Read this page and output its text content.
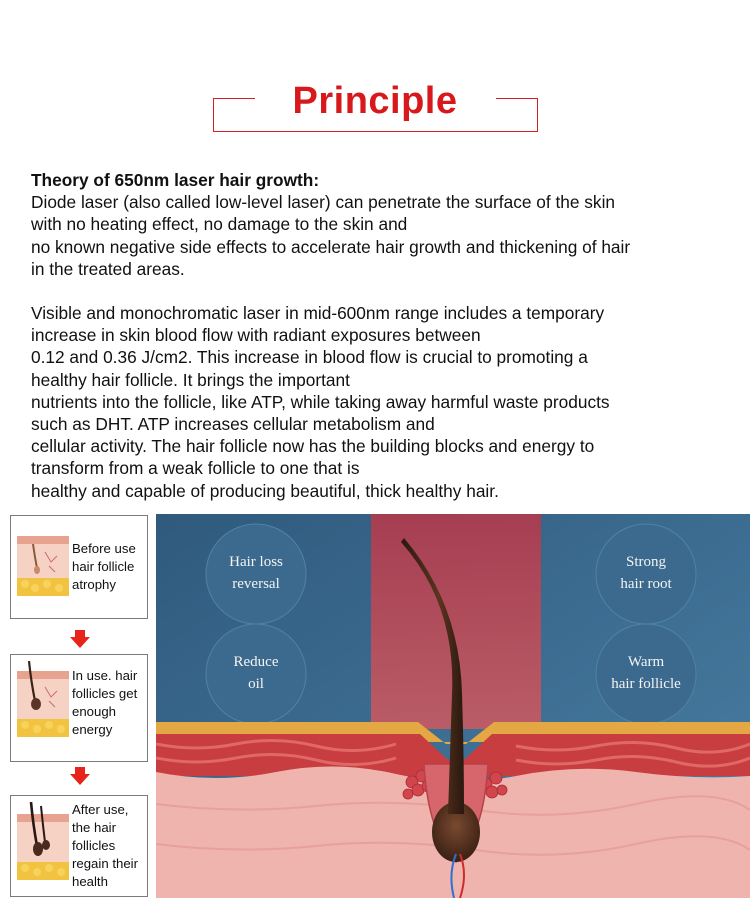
Principle

Theory of 650nm laser hair growth:

Diode laser (also called low-level laser) can penetrate the surface of the skin

with no heating effect, no damage to the skin and

no known negative side effects to accelerate hair growth and thickening of hair

in the treated areas.

Visible and monochromatic laser in mid-600nm range includes a temporary

increase in skin blood flow with radiant exposures between

0.12 and 0.36 J/cm2. This increase in blood flow is crucial to promoting a

healthy hair follicle. It brings the important

nutrients into the follicle, like ATP, while taking away harmful waste products

such as DHT. ATP increases cellular metabolism and

cellular activity. The hair follicle now has the building blocks and energy to

transform from a weak follicle to one that is

healthy and capable of producing beautiful, thick healthy hair.

Before use
hair follicle
atrophy
In use. hair
follicles get
enough
energy
After use,
the hair
follicles
regain their
health
Hair loss
reversal
Reduce
oil
Strong
hair root
Warm
hair follicle
